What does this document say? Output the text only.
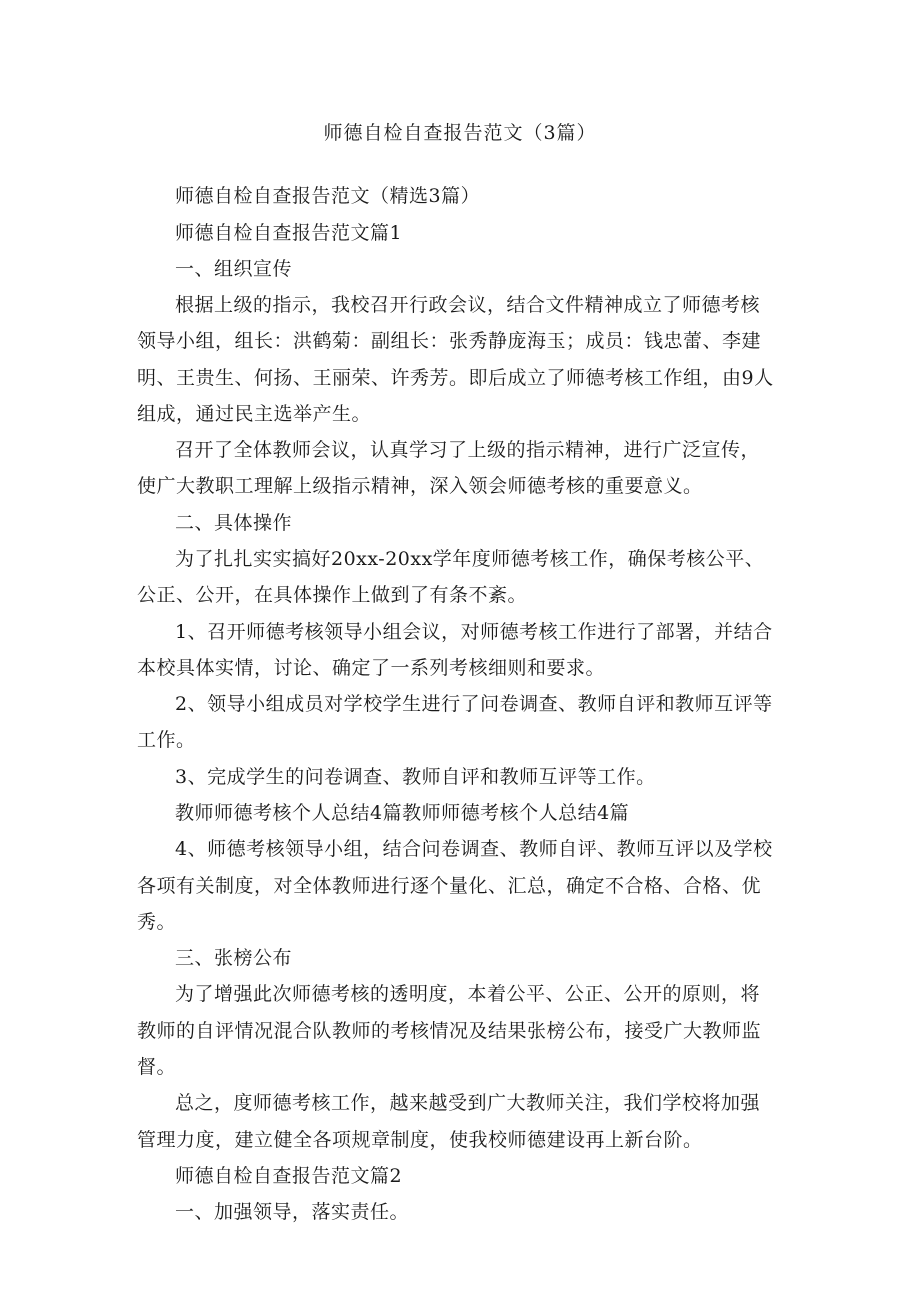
师德自检自查报告范文（3篇）
师德自检自查报告范文（精选3篇）
师德自检自查报告范文篇1
一、组织宣传
根据上级的指示，我校召开行政会议，结合文件精神成立了师德考核
领导小组，组长：洪鹤菊：副组长：张秀静庞海玉；成员：钱忠蕾、李建
明、王贵生、何扬、王丽荣、许秀芳。即后成立了师德考核工作组，由9人
组成，通过民主选举产生。
召开了全体教师会议，认真学习了上级的指示精神，进行广泛宣传，
使广大教职工理解上级指示精神，深入领会师德考核的重要意义。
二、具体操作
为了扎扎实实搞好20xx-20xx学年度师德考核工作，确保考核公平、
公正、公开，在具体操作上做到了有条不紊。
1、召开师德考核领导小组会议，对师德考核工作进行了部署，并结合
本校具体实情，讨论、确定了一系列考核细则和要求。
2、领导小组成员对学校学生进行了问卷调查、教师自评和教师互评等
工作。
3、完成学生的问卷调查、教师自评和教师互评等工作。
教师师德考核个人总结4篇教师师德考核个人总结4篇
4、师德考核领导小组，结合问卷调查、教师自评、教师互评以及学校
各项有关制度，对全体教师进行逐个量化、汇总，确定不合格、合格、优
秀。
三、张榜公布
为了增强此次师德考核的透明度，本着公平、公正、公开的原则，将
教师的自评情况混合队教师的考核情况及结果张榜公布，接受广大教师监
督。
总之，度师德考核工作，越来越受到广大教师关注，我们学校将加强
管理力度，建立健全各项规章制度，使我校师德建设再上新台阶。
师德自检自查报告范文篇2
一、加强领导，落实责任。
